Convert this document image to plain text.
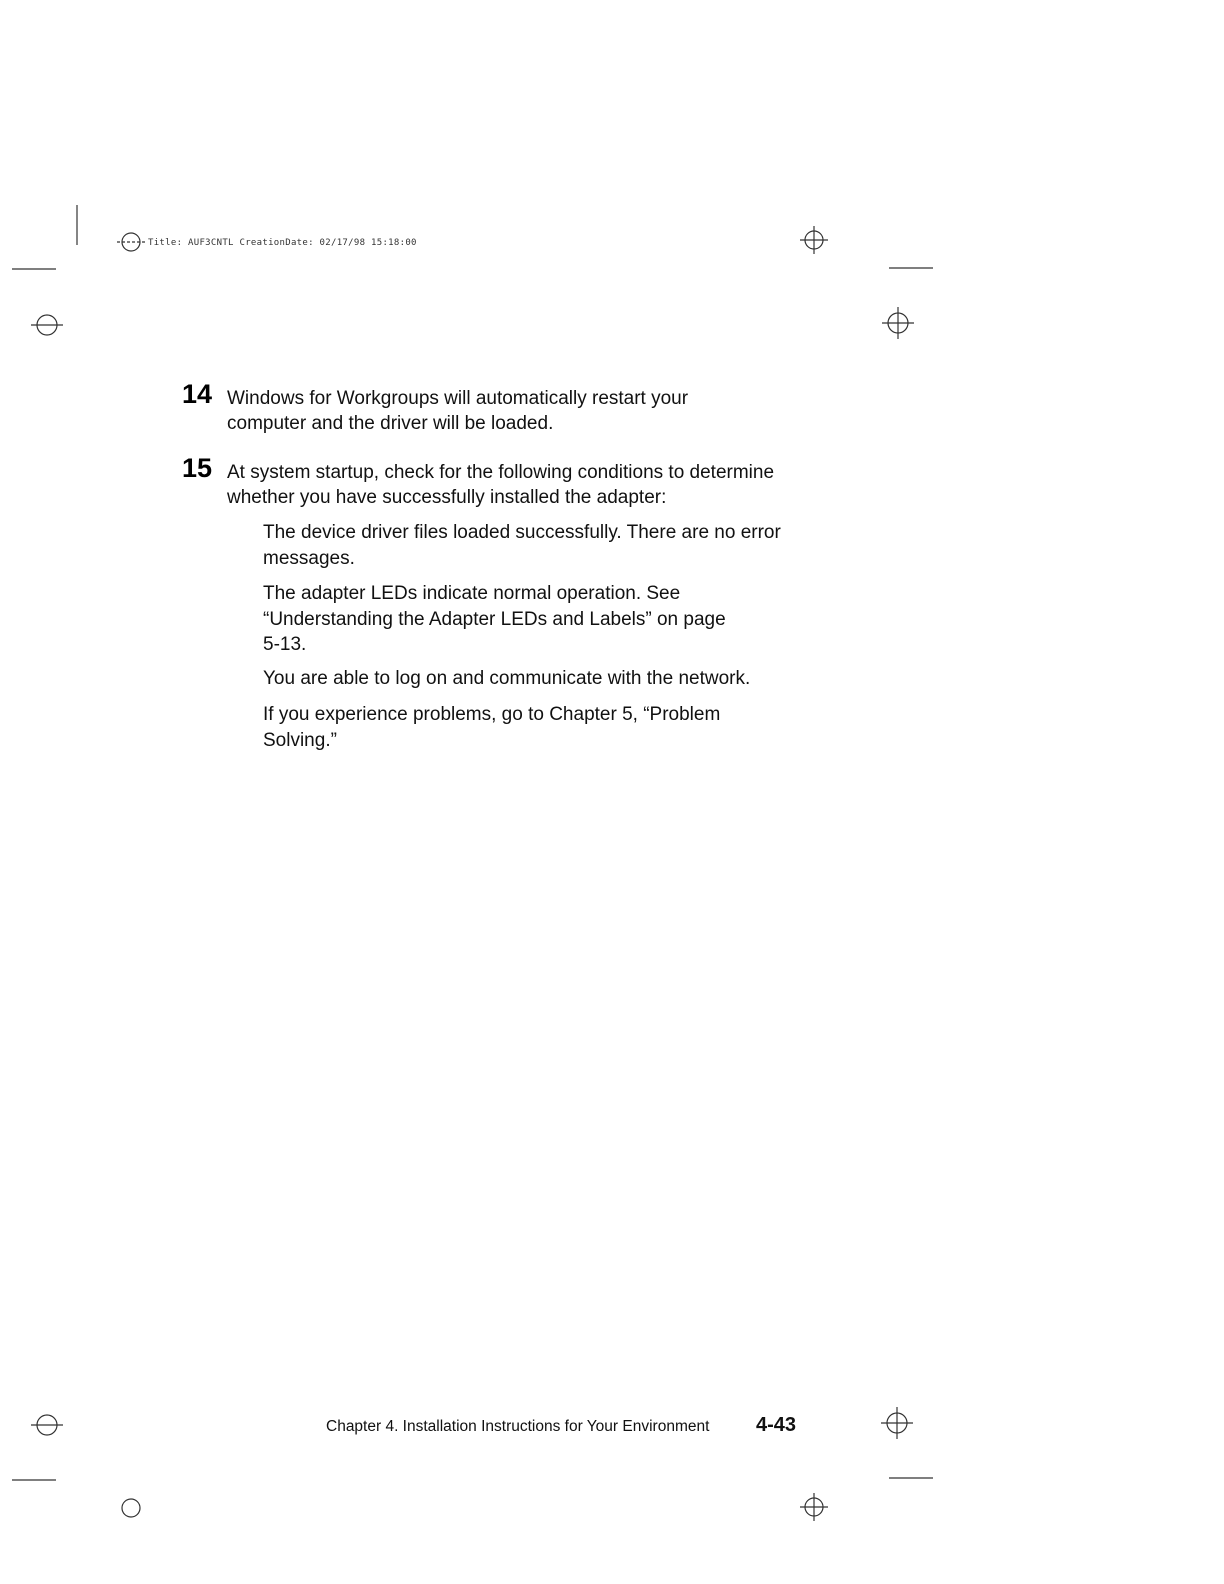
Title: AUF3CNTL CreationDate: 02/17/98 15:18:00
14 Windows for Workgroups will automatically restart your computer and the driver will be loaded.
15 At system startup, check for the following conditions to determine whether you have successfully installed the adapter:
The device driver files loaded successfully. There are no error messages.
The adapter LEDs indicate normal operation. See “Understanding the Adapter LEDs and Labels” on page 5-13.
You are able to log on and communicate with the network.
If you experience problems, go to Chapter 5, “Problem Solving.”
Chapter 4. Installation Instructions for Your Environment 4-43
